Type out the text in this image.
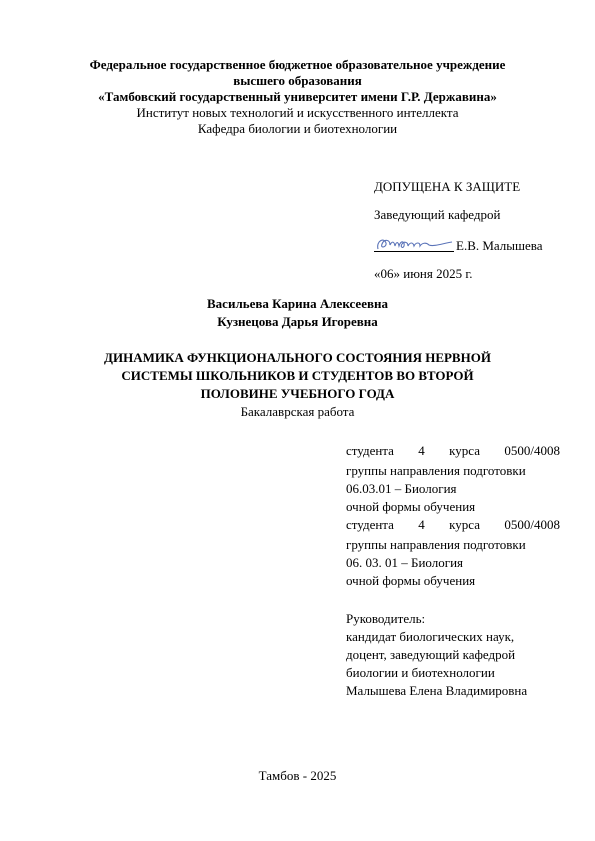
Федеральное государственное бюджетное образовательное учреждение
высшего образования
«Тамбовский государственный университет имени Г.Р. Державина»
Институт новых технологий и искусственного интеллекта
Кафедра биологии и биотехнологии
ДОПУЩЕНА К ЗАЩИТЕ
Заведующий кафедрой
Е.В. Малышева
«06» июня 2025 г.
Васильева Карина Алексеевна
Кузнецова Дарья Игоревна
ДИНАМИКА ФУНКЦИОНАЛЬНОГО СОСТОЯНИЯ НЕРВНОЙ
СИСТЕМЫ ШКОЛЬНИКОВ И СТУДЕНТОВ ВО ВТОРОЙ
ПОЛОВИНЕ УЧЕБНОГО ГОДА
Бакалаврская работа
студента 4 курса 0500/4008
группы направления подготовки
06.03.01 – Биология
очной формы обучения
студента 4 курса 0500/4008
группы направления подготовки
06. 03. 01 – Биология
очной формы обучения
Руководитель:
кандидат биологических наук,
доцент, заведующий кафедрой
биологии и биотехнологии
Малышева Елена Владимировна
Тамбов - 2025
